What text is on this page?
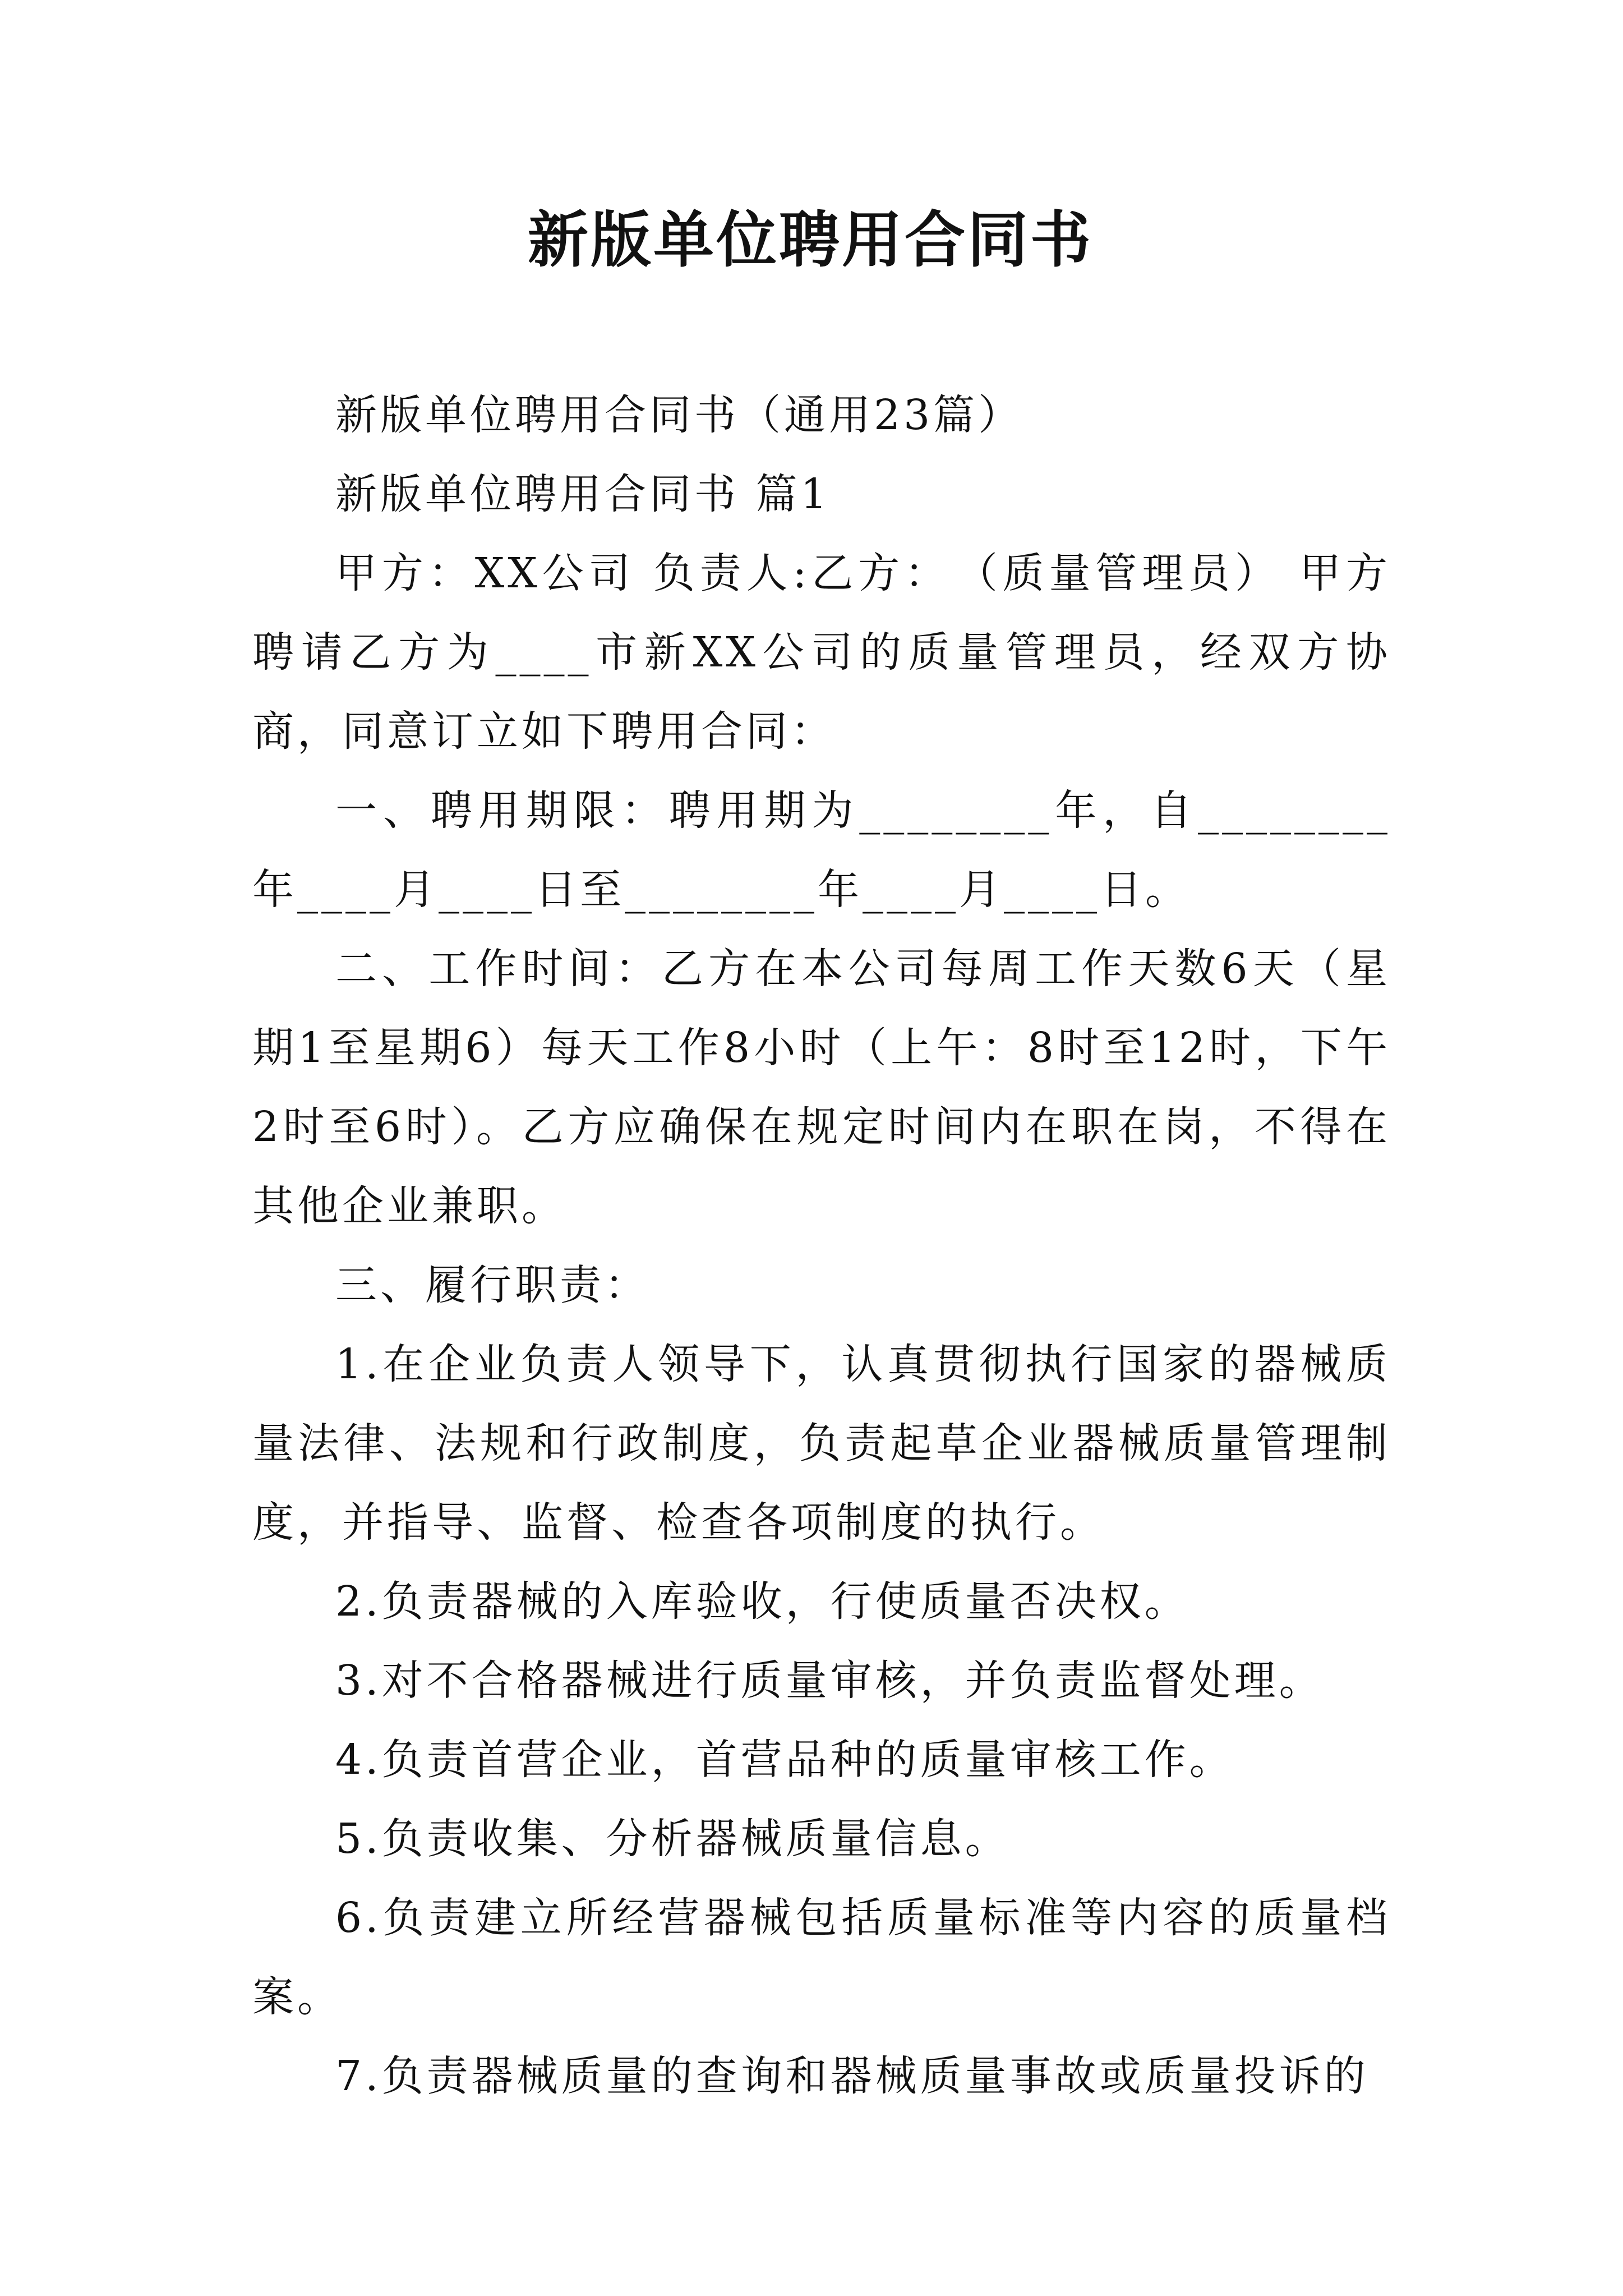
新版单位聘用合同书

新版单位聘用合同书（通用23篇）

新版单位聘用合同书 篇1

甲方：XX公司 负责人:乙方：　（质量管理员） 甲方聘请乙方为____市新XX公司的质量管理员，经双方协商，同意订立如下聘用合同：

一、聘用期限：聘用期为________年，自________年____月____日至________年____月____日。

二、工作时间：乙方在本公司每周工作天数6天（星期1至星期6）每天工作8小时（上午：8时至12时，下午2时至6时）。乙方应确保在规定时间内在职在岗，不得在其他企业兼职。

三、履行职责：

1.在企业负责人领导下，认真贯彻执行国家的器械质量法律、法规和行政制度，负责起草企业器械质量管理制度，并指导、监督、检查各项制度的执行。

2.负责器械的入库验收，行使质量否决权。

3.对不合格器械进行质量审核，并负责监督处理。

4.负责首营企业，首营品种的质量审核工作。

5.负责收集、分析器械质量信息。

6.负责建立所经营器械包括质量标准等内容的质量档案。

7.负责器械质量的查询和器械质量事故或质量投诉的
